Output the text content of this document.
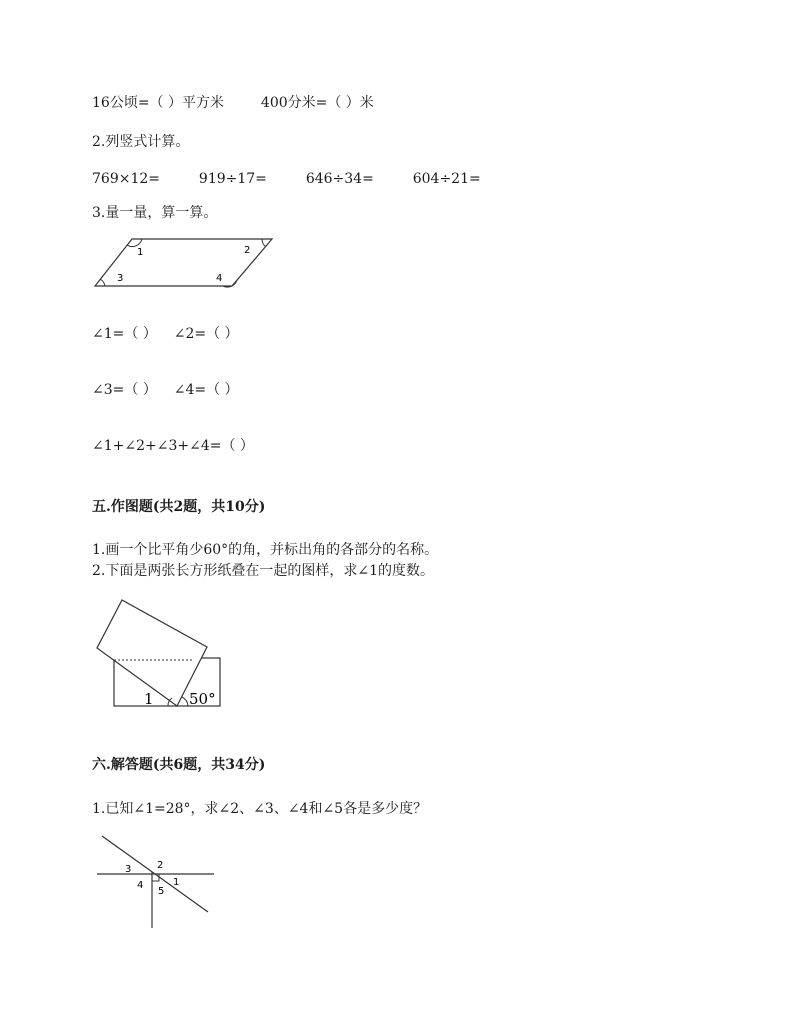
16公顷=（ ）平方米	400分米=（ ）米
2.列竖式计算。
769×12=	919÷17=	646÷34=	604÷21=
3.量一量，算一算。
1	2
3	4
∠1=（ ） ∠2=（ ）
∠3=（ ） ∠4=（ ）
∠1+∠2+∠3+∠4=（ ）
五.作图题(共2题，共10分)
1.画一个比平角少60°的角，并标出角的各部分的名称。
2.下面是两张长方形纸叠在一起的图样，求∠1的度数。
1 50°
六.解答题(共6题，共34分)
1.已知∠1=28°，求∠2、∠3、∠4和∠5各是多少度？
1
2
3
4
5
